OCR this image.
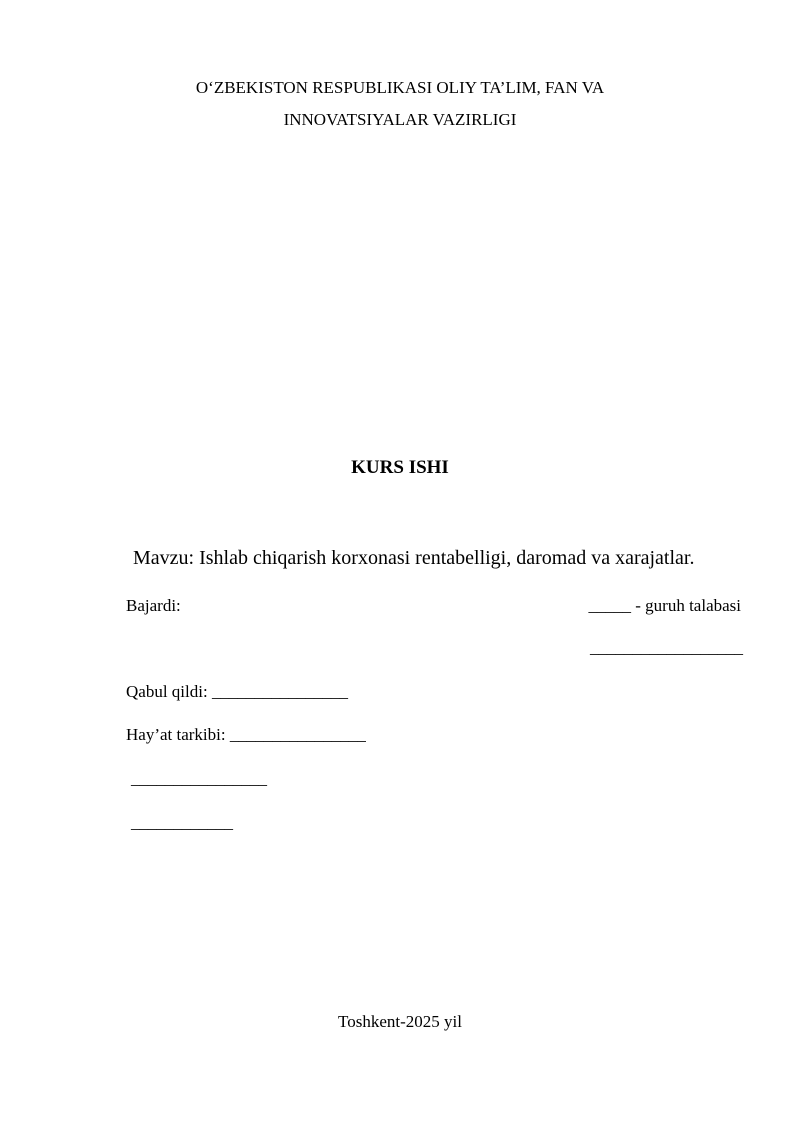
O‘ZBEKISTON RESPUBLIKASI OLIY TA’LIM, FAN VA
INNOVATSIYALAR VAZIRLIGI
KURS ISHI
Mavzu: Ishlab chiqarish korxonasi rentabelligi, daromad va xarajatlar.
Bajardi:	_____ - guruh talabasi
__________________
Qabul qildi: ________________
Hay’at tarkibi: ________________
________________
____________
Toshkent-2025 yil
